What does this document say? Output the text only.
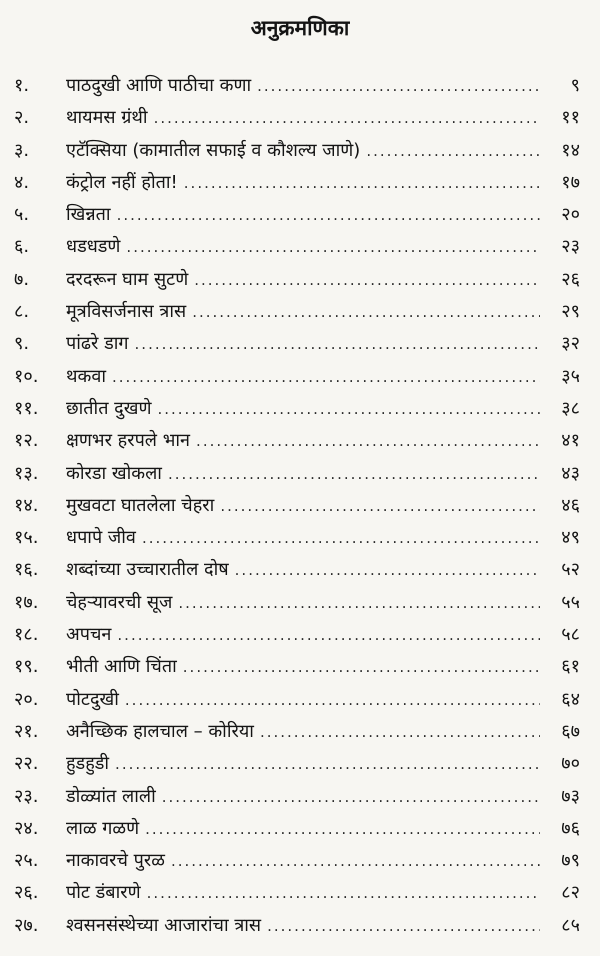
अनुक्रमणिका
१.	पाठदुखी आणि पाठीचा कणा .....	९
२.	थायमस ग्रंथी .....	११
३.	एटॅक्सिया (कामातील सफाई व कौशल्य जाणे) .....	१४
४.	कंट्रोल नहीं होता! .....	१७
५.	खिन्नता .....	२०
६.	धडधडणे .....	२३
७.	दरदरून घाम सुटणे .....	२६
८.	मूत्रविसर्जनास त्रास .....	२९
९.	पांढरे डाग .....	३२
१०.	थकवा .....	३५
११.	छातीत दुखणे .....	३८
१२.	क्षणभर हरपले भान .....	४१
१३.	कोरडा खोकला .....	४३
१४.	मुखवटा घातलेला चेहरा .....	४६
१५.	धपापे जीव .....	४९
१६.	शब्दांच्या उच्चारातील दोष .....	५२
१७.	चेहऱ्यावरची सूज .....	५५
१८.	अपचन .....	५८
१९.	भीती आणि चिंता .....	६१
२०.	पोटदुखी .....	६४
२१.	अनैच्छिक हालचाल – कोरिया .....	६७
२२.	हुडहुडी .....	७०
२३.	डोळ्यांत लाली .....	७३
२४.	लाळ गळणे .....	७६
२५.	नाकावरचे पुरळ .....	७९
२६.	पोट डंबारणे .....	८२
२७.	श्वसनसंस्थेच्या आजारांचा त्रास .....	८५
